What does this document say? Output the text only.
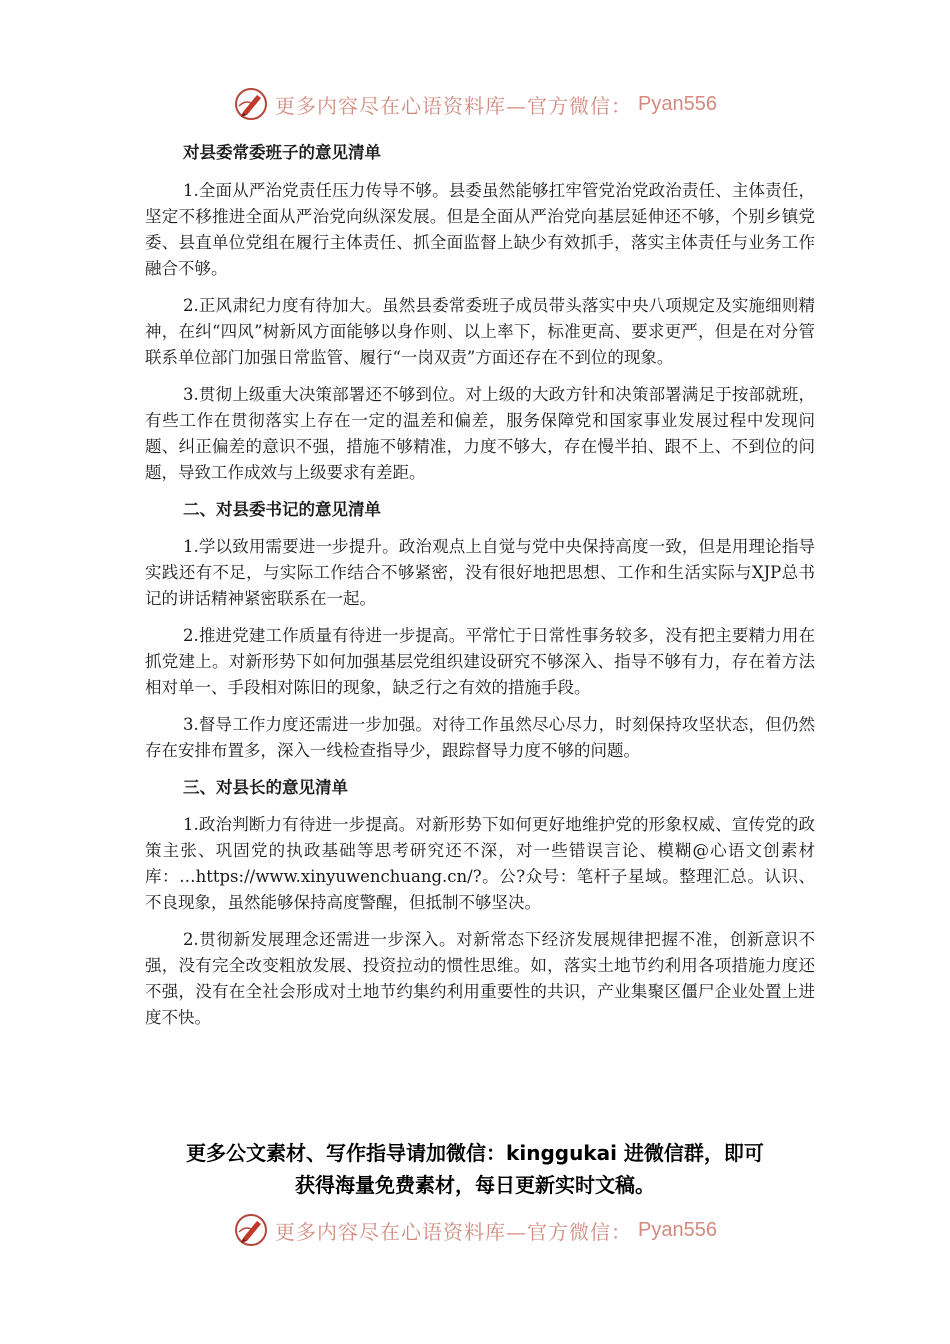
更多内容尽在心语资料库—官方微信： Pyan556

对县委常委班子的意见清单

1.全面从严治党责任压力传导不够。县委虽然能够扛牢管党治党政治责任、主体责任，坚定不移推进全面从严治党向纵深发展。但是全面从严治党向基层延伸还不够，个别乡镇党委、县直单位党组在履行主体责任、抓全面监督上缺少有效抓手，落实主体责任与业务工作融合不够。

2.正风肃纪力度有待加大。虽然县委常委班子成员带头落实中央八项规定及实施细则精神，在纠“四风”树新风方面能够以身作则、以上率下，标准更高、要求更严，但是在对分管联系单位部门加强日常监管、履行“一岗双责”方面还存在不到位的现象。

3.贯彻上级重大决策部署还不够到位。对上级的大政方针和决策部署满足于按部就班，有些工作在贯彻落实上存在一定的温差和偏差，服务保障党和国家事业发展过程中发现问题、纠正偏差的意识不强，措施不够精准，力度不够大，存在慢半拍、跟不上、不到位的问题，导致工作成效与上级要求有差距。

二、对县委书记的意见清单

1.学以致用需要进一步提升。政治观点上自觉与党中央保持高度一致，但是用理论指导实践还有不足，与实际工作结合不够紧密，没有很好地把思想、工作和生活实际与XJP总书记的讲话精神紧密联系在一起。

2.推进党建工作质量有待进一步提高。平常忙于日常性事务较多，没有把主要精力用在抓党建上。对新形势下如何加强基层党组织建设研究不够深入、指导不够有力，存在着方法相对单一、手段相对陈旧的现象，缺乏行之有效的措施手段。

3.督导工作力度还需进一步加强。对待工作虽然尽心尽力，时刻保持攻坚状态，但仍然存在安排布置多，深入一线检查指导少，跟踪督导力度不够的问题。

三、对县长的意见清单

1.政治判断力有待进一步提高。对新形势下如何更好地维护党的形象权威、宣传党的政策主张、巩固党的执政基础等思考研究还不深，对一些错误言论、模糊@心语文创素材库：…https://www.xinyuwenchuang.cn/?。公?众号：笔杆子星域。整理汇总。认识、不良现象，虽然能够保持高度警醒，但抵制不够坚决。

2.贯彻新发展理念还需进一步深入。对新常态下经济发展规律把握不准，创新意识不强，没有完全改变粗放发展、投资拉动的惯性思维。如，落实土地节约利用各项措施力度还不强，没有在全社会形成对土地节约集约利用重要性的共识，产业集聚区僵尸企业处置上进度不快。

更多公文素材、写作指导请加微信：kinggukai 进微信群，即可
获得海量免费素材，每日更新实时文稿。
更多内容尽在心语资料库—官方微信： Pyan556
